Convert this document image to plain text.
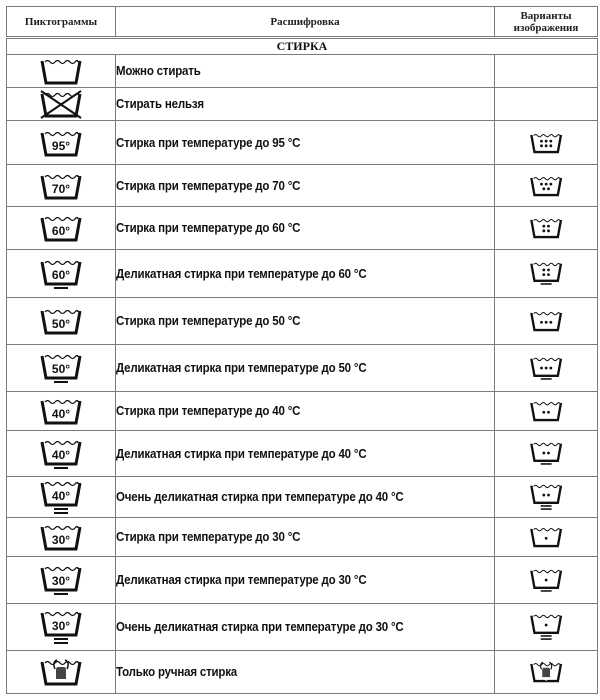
Пиктограммы	Расшифровка	Варианты изображения
СТИРКА		

	Можно стирать	

	Стирать нельзя	

95°	Стирка при температуре до 95 °С	

70°	Стирка при температуре до 70 °С	

60°	Стирка при температуре до 60 °С	

60°	Деликатная стирка при температуре до 60 °С	

50°	Стирка при температуре до 50 °С	

50°	Деликатная стирка при температуре до 50 °С	

40°	Стирка при температуре до 40 °С	

40°	Деликатная стирка при температуре до 40 °С	

40°	Очень деликатная стирка при температуре до 40 °С	

30°	Стирка при температуре до 30 °С	

30°	Деликатная стирка при температуре до 30 °С	

30°	Очень деликатная стирка при температуре до 30 °С	

	Только ручная стирка	
